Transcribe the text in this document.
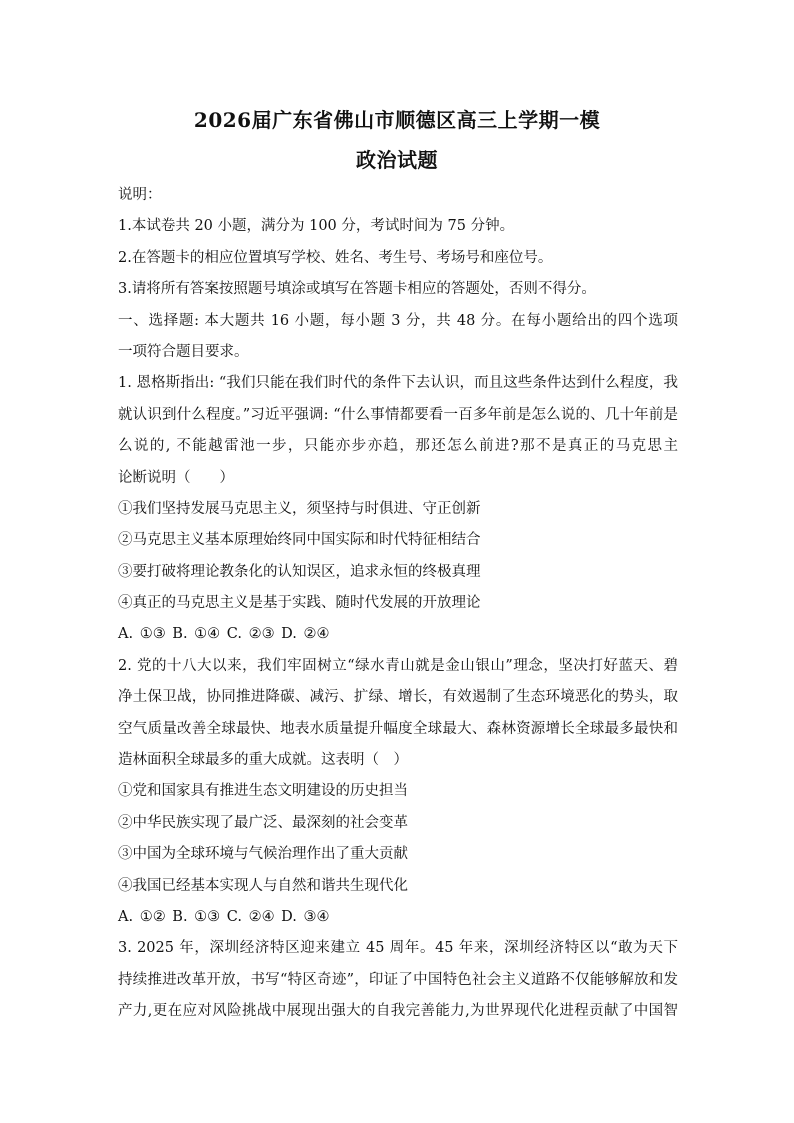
2026届广东省佛山市顺德区高三上学期一模
政治试题
说明：
1.本试卷共 20 小题，满分为 100 分，考试时间为 75 分钟。
2.在答题卡的相应位置填写学校、姓名、考生号、考场号和座位号。
3.请将所有答案按照题号填涂或填写在答题卡相应的答题处，否则不得分。
一、选择题: 本大题共 16 小题，每小题 3 分，共 48 分。在每小题给出的四个选项
一项符合题目要求。
1. 恩格斯指出: “我们只能在我们时代的条件下去认识，而且这些条件达到什么程度，我
就认识到什么程度。”习近平强调: “什么事情都要看一百多年前是怎么说的、几十年前是
么说的, 不能越雷池一步，只能亦步亦趋，那还怎么前进?那不是真正的马克思主
论断说明（　　）
①我们坚持发展马克思主义，须坚持与时俱进、守正创新
②马克思主义基本原理始终同中国实际和时代特征相结合
③要打破将理论教条化的认知误区，追求永恒的终极真理
④真正的马克思主义是基于实践、随时代发展的开放理论
A. ①③ B. ①④ C. ②③ D. ②④
2. 党的十八大以来，我们牢固树立“绿水青山就是金山银山”理念，坚决打好蓝天、碧
净土保卫战，协同推进降碳、减污、扩绿、增长，有效遏制了生态环境恶化的势头，取
空气质量改善全球最快、地表水质量提升幅度全球最大、森林资源增长全球最多最快和
造林面积全球最多的重大成就。这表明（　）
①党和国家具有推进生态文明建设的历史担当
②中华民族实现了最广泛、最深刻的社会变革
③中国为全球环境与气候治理作出了重大贡献
④我国已经基本实现人与自然和谐共生现代化
A. ①② B. ①③ C. ②④ D. ③④
3. 2025 年，深圳经济特区迎来建立 45 周年。45 年来，深圳经济特区以“敢为天下
持续推进改革开放，书写“特区奇迹”，印证了中国特色社会主义道路不仅能够解放和发
产力,更在应对风险挑战中展现出强大的自我完善能力,为世界现代化进程贡献了中国智
